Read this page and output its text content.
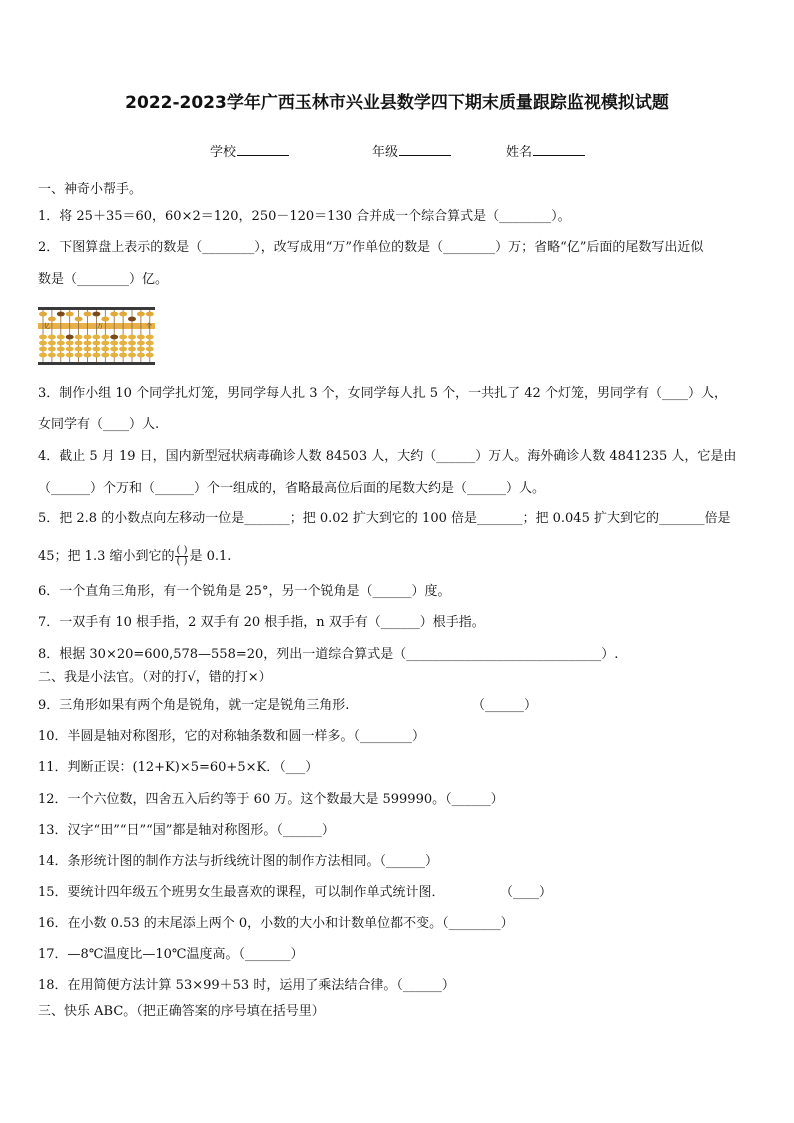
2022-2023学年广西玉林市兴业县数学四下期末质量跟踪监视模拟试题
学校	年级	姓名
一、神奇小帮手。
1．将 25＋35＝60，60×2＝120，250－120＝130 合并成一个综合算式是（________）。
2．下图算盘上表示的数是（________），改写成用“万”作单位的数是（________）万；省略“亿”后面的尾数写出近似
数是（________）亿。
亿	万	个
3．制作小组 10 个同学扎灯笼，男同学每人扎 3 个，女同学每人扎 5 个，一共扎了 42 个灯笼，男同学有（____）人，
女同学有（____）人.
4．截止 5 月 19 日，国内新型冠状病毒确诊人数 84503 人，大约（______）万人。海外确诊人数 4841235 人，它是由
（______）个万和（______）个一组成的，省略最高位后面的尾数大约是（______）人。
5．把 2.8 的小数点向左移动一位是_______；把 0.02 扩大到它的 100 倍是_______；把 0.045 扩大到它的_______倍是
45；把 1.3 缩小到它的 $\frac{( )}{( )}$ 是 0.1.
6．一个直角三角形，有一个锐角是 25°，另一个锐角是（______）度。
7．一双手有 10 根手指，2 双手有 20 根手指，n 双手有（______）根手指。
8．根据 30×20=600,578—558=20，列出一道综合算式是（______________________________）.
二、我是小法官。（对的打√，错的打×）
9．三角形如果有两个角是锐角，就一定是锐角三角形.	（______）
10．半圆是轴对称图形，它的对称轴条数和圆一样多。（________）
11．判断正误：(12+K)×5=60+5×K．（___）
12．一个六位数，四舍五入后约等于 60 万。这个数最大是 599990。（______）
13．汉字“田”“日”“国”都是轴对称图形。（______）
14．条形统计图的制作方法与折线统计图的制作方法相同。（______）
15．要统计四年级五个班男女生最喜欢的课程，可以制作单式统计图．	（____）
16．在小数 0.53 的末尾添上两个 0，小数的大小和计数单位都不变。（________）
17．—8℃温度比—10℃温度高。（_______）
18．在用简便方法计算 53×99＋53 时，运用了乘法结合律。（______）
三、快乐 ABC。（把正确答案的序号填在括号里）
